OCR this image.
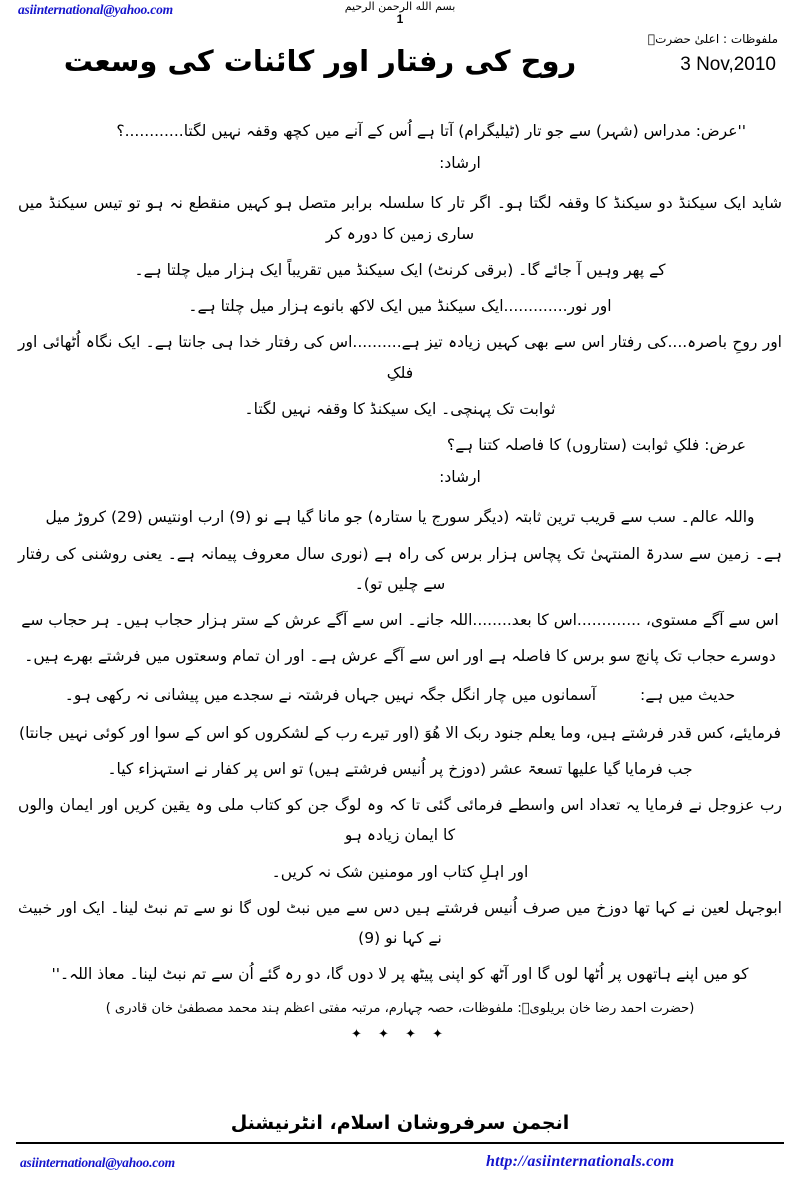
asiinternational@yahoo.com	بسم الله الرحمن الرحيم
1
ملفوظات : اعلیٰ حضرتؒ
3 Nov,2010
روح کی رفتار اور کائنات کی وسعت

''عرض: مدراس (شہر) سے جو تار (ٹیلیگرام) آتا ہے اُس کے آنے میں کچھ وقفہ نہیں لگتا............؟

ارشاد:

شاید ایک سیکنڈ دو سیکنڈ کا وقفہ لگتا ہو۔ اگر تار کا سلسلہ برابر متصل ہو کہیں منقطع نہ ہو تو تیس سیکنڈ میں ساری زمین کا دورہ کر

کے پھر وہیں آ جائے گا۔ (برقی کرنٹ) ایک سیکنڈ میں تقریباً ایک ہزار میل چلتا ہے۔

اور نور.............ایک سیکنڈ میں ایک لاکھ بانوے ہزار میل چلتا ہے۔

اور روحِ باصرہ....کی رفتار اس سے بھی کہیں زیادہ تیز ہے..........اس کی رفتار خدا ہی جانتا ہے۔ ایک نگاہ اُٹھائی اور فلکِ

ثوابت تک پہنچی۔ ایک سیکنڈ کا وقفہ نہیں لگتا۔

عرض: فلکِ ثوابت (ستاروں) کا فاصلہ کتنا ہے؟

ارشاد:

واللہ عالم۔ سب سے قریب ترین ثابتہ (دیگر سورج یا ستارہ) جو مانا گیا ہے نو (9) ارب اونتیس (29) کروڑ میل

ہے۔ زمین سے سدرۃ المنتہیٰ تک پچاس ہزار برس کی راہ ہے (نوری سال معروف پیمانہ ہے۔ یعنی روشنی کی رفتار سے چلیں تو)۔

اس سے آگے مستوی، .............اس کا بعد........اللہ جانے۔ اس سے آگے عرش کے ستر ہزار حجاب ہیں۔ ہر حجاب سے

دوسرے حجاب تک پانچ سو برس کا فاصلہ ہے اور اس سے آگے عرش ہے۔ اور ان تمام وسعتوں میں فرشتے بھرے ہیں۔

حدیث میں ہے:  آسمانوں میں چار انگل جگہ نہیں جہاں فرشتہ نے سجدے میں پیشانی نہ رکھی ہو۔

فرمایئے، کس قدر فرشتے ہیں، وما یعلم جنود ربک الا ھُوَ (اور تیرے رب کے لشکروں کو اس کے سوا اور کوئی نہیں جانتا)

جب فرمایا گیا علیھا تسعۃ عشر (دوزخ پر اُنیس فرشتے ہیں) تو اس پر کفار نے استہزاء کیا۔

رب عزوجل نے فرمایا یہ تعداد اس واسطے فرمائی گئی تا کہ وہ لوگ جن کو کتاب ملی وہ یقین کریں اور ایمان والوں کا ایمان زیادہ ہو

اور اہلِ کتاب اور مومنین شک نہ کریں۔

ابوجہل لعین نے کہا تھا دوزخ میں صرف اُنیس فرشتے ہیں دس سے میں نبٹ لوں گا نو سے تم نبٹ لینا۔ ایک اور خبیث نے کہا نو (9)

کو میں اپنے ہاتھوں پر اُٹھا لوں گا اور آٹھ کو اپنی پیٹھ پر لا دوں گا، دو رہ گئے اُن سے تم نبٹ لینا۔ معاذ اللہ۔''

(حضرت احمد رضا خان بریلویؒ: ملفوظات، حصہ چہارم، مرتبہ مفتی اعظم ہند محمد مصطفیٰ خان قادری )

✦ ✦ ✦ ✦
انجمن سرفروشان اسلام، انٹرنیشنل
asiinternational@yahoo.com	http://asiinternationals.com
